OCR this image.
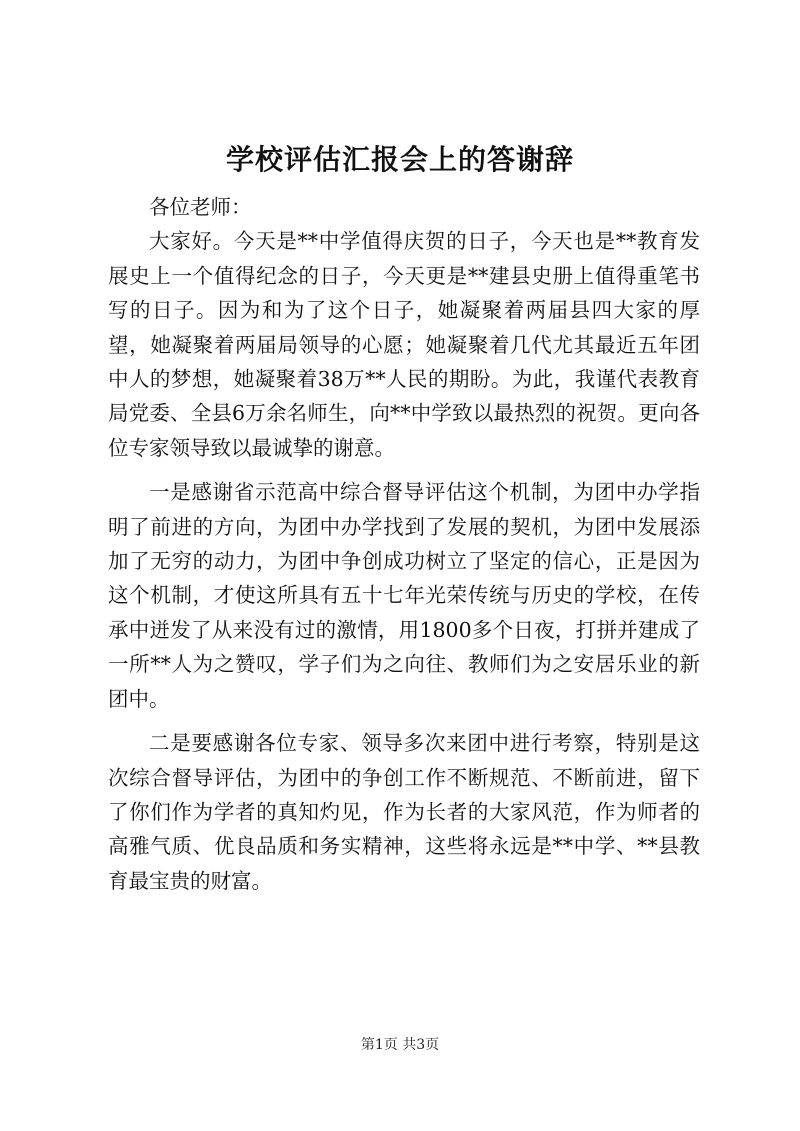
学校评估汇报会上的答谢辞

各位老师：

大家好。今天是**中学值得庆贺的日子，今天也是**教育发展史上一个值得纪念的日子，今天更是**建县史册上值得重笔书写的日子。因为和为了这个日子，她凝聚着两届县四大家的厚望，她凝聚着两届局领导的心愿；她凝聚着几代尤其最近五年团中人的梦想，她凝聚着38万**人民的期盼。为此，我谨代表教育局党委、全县6万余名师生，向**中学致以最热烈的祝贺。更向各位专家领导致以最诚挚的谢意。

一是感谢省示范高中综合督导评估这个机制，为团中办学指明了前进的方向，为团中办学找到了发展的契机，为团中发展添加了无穷的动力，为团中争创成功树立了坚定的信心，正是因为这个机制，才使这所具有五十七年光荣传统与历史的学校，在传承中迸发了从来没有过的激情，用1800多个日夜，打拼并建成了一所**人为之赞叹，学子们为之向往、教师们为之安居乐业的新团中。

二是要感谢各位专家、领导多次来团中进行考察，特别是这次综合督导评估，为团中的争创工作不断规范、不断前进，留下了你们作为学者的真知灼见，作为长者的大家风范，作为师者的高雅气质、优良品质和务实精神，这些将永远是**中学、**县教育最宝贵的财富。

第1页 共3页
